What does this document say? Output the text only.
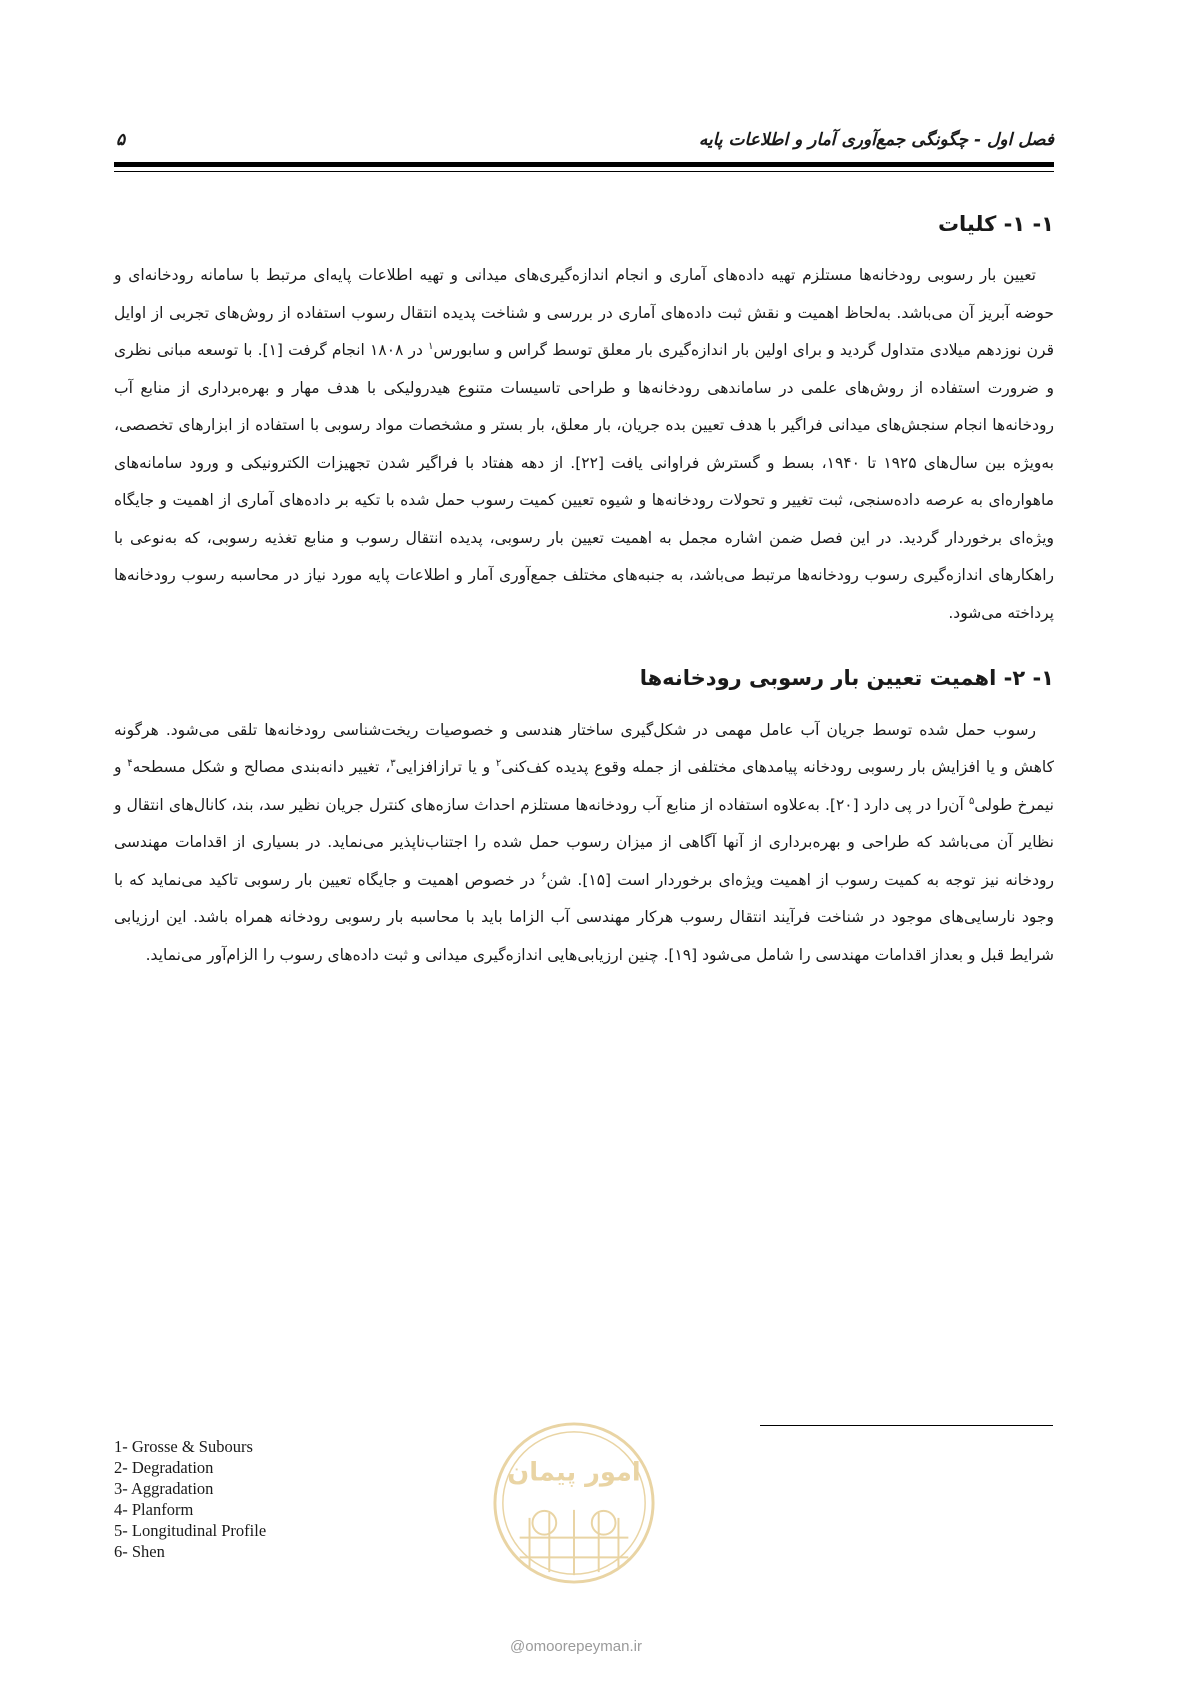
فصل اول - چگونگی جمع‌آوری آمار و اطلاعات پایه
۵
۱- ۱- کلیات

تعیین بار رسوبی رودخانه‌ها مستلزم تهیه داده‌های آماری و انجام اندازه‌گیری‌های میدانی و تهیه اطلاعات پایه‌ای مرتبط با سامانه رودخانه‌ای و حوضه آبریز آن می‌باشد. به‌لحاظ اهمیت و نقش ثبت داده‌های آماری در بررسی و شناخت پدیده انتقال رسوب استفاده از روش‌های تجربی از اوایل قرن نوزدهم میلادی متداول گردید و برای اولین بار اندازه‌گیری بار معلق توسط گراس و سابورس$^۱$ در ۱۸۰۸ انجام گرفت [۱]. با توسعه مبانی نظری و ضرورت استفاده از روش‌های علمی در ساماندهی رودخانه‌ها و طراحی تاسیسات متنوع هیدرولیکی با هدف مهار و بهره‌برداری از منابع آب رودخانه‌ها انجام سنجش‌های میدانی فراگیر با هدف تعیین بده جریان، بار معلق، بار بستر و مشخصات مواد رسوبی با استفاده از ابزارهای تخصصی، به‌ویژه بین سال‌های ۱۹۲۵ تا ۱۹۴۰، بسط و گسترش فراوانی یافت [۲۲]. از دهه هفتاد با فراگیر شدن تجهیزات الکترونیکی و ورود سامانه‌های ماهواره‌ای به عرصه داده‌سنجی، ثبت تغییر و تحولات رودخانه‌ها و شیوه تعیین کمیت رسوب حمل شده با تکیه بر داده‌های آماری از اهمیت و جایگاه ویژه‌ای برخوردار گردید. در این فصل ضمن اشاره مجمل به اهمیت تعیین بار رسوبی، پدیده انتقال رسوب و منابع تغذیه رسوبی، که به‌نوعی با راهکارهای اندازه‌گیری رسوب رودخانه‌ها مرتبط می‌باشد، به جنبه‌های مختلف جمع‌آوری آمار و اطلاعات پایه مورد نیاز در محاسبه رسوب رودخانه‌ها پرداخته می‌شود.

۱- ۲- اهمیت تعیین بار رسوبی رودخانه‌ها

رسوب حمل شده توسط جریان آب عامل مهمی در شکل‌گیری ساختار هندسی و خصوصیات ریخت‌شناسی رودخانه‌ها تلقی می‌شود. هرگونه کاهش و یا افزایش بار رسوبی رودخانه پیامدهای مختلفی از جمله وقوع پدیده کف‌کنی$^۲$ و یا ترازافزایی$^۳$، تغییر دانه‌بندی مصالح و شکل مسطحه$^۴$ و نیمرخ طولی$^۵$ آن‌را در پی دارد [۲۰]. به‌علاوه استفاده از منابع آب رودخانه‌ها مستلزم احداث سازه‌های کنترل جریان نظیر سد، بند، کانال‌های انتقال و نظایر آن می‌باشد که طراحی و بهره‌برداری از آنها آگاهی از میزان رسوب حمل شده را اجتناب‌ناپذیر می‌نماید. در بسیاری از اقدامات مهندسی رودخانه نیز توجه به کمیت رسوب از اهمیت ویژه‌ای برخوردار است [۱۵]. شن$^۶$ در خصوص اهمیت و جایگاه تعیین بار رسوبی تاکید می‌نماید که با وجود نارسایی‌های موجود در شناخت فرآیند انتقال رسوب هرکار مهندسی آب الزاما باید با محاسبه بار رسوبی رودخانه همراه باشد. این ارزیابی شرایط قبل و بعداز اقدامات مهندسی را شامل می‌شود [۱۹]. چنین ارزیابی‌هایی اندازه‌گیری میدانی و ثبت داده‌های رسوب را الزام‌آور می‌نماید.

1- Grosse & Subours
2- Degradation
3- Aggradation
4- Planform
5- Longitudinal Profile
6- Shen
امور پیمان
@omoorepeyman.ir
